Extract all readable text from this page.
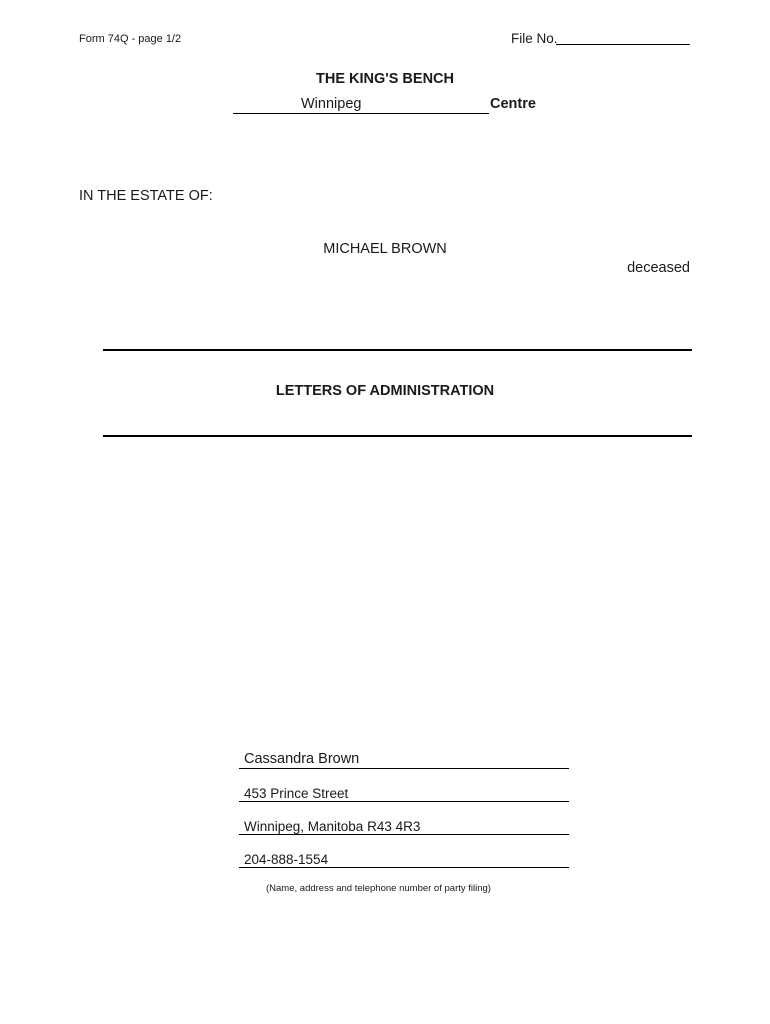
Form 74Q - page 1/2	File No.
THE KING'S BENCH
Winnipeg	Centre
IN THE ESTATE OF:
MICHAEL BROWN
deceased
LETTERS OF ADMINISTRATION
Cassandra Brown
453 Prince Street
Winnipeg, Manitoba R43 4R3
204-888-1554
(Name, address and telephone number of party filing)
